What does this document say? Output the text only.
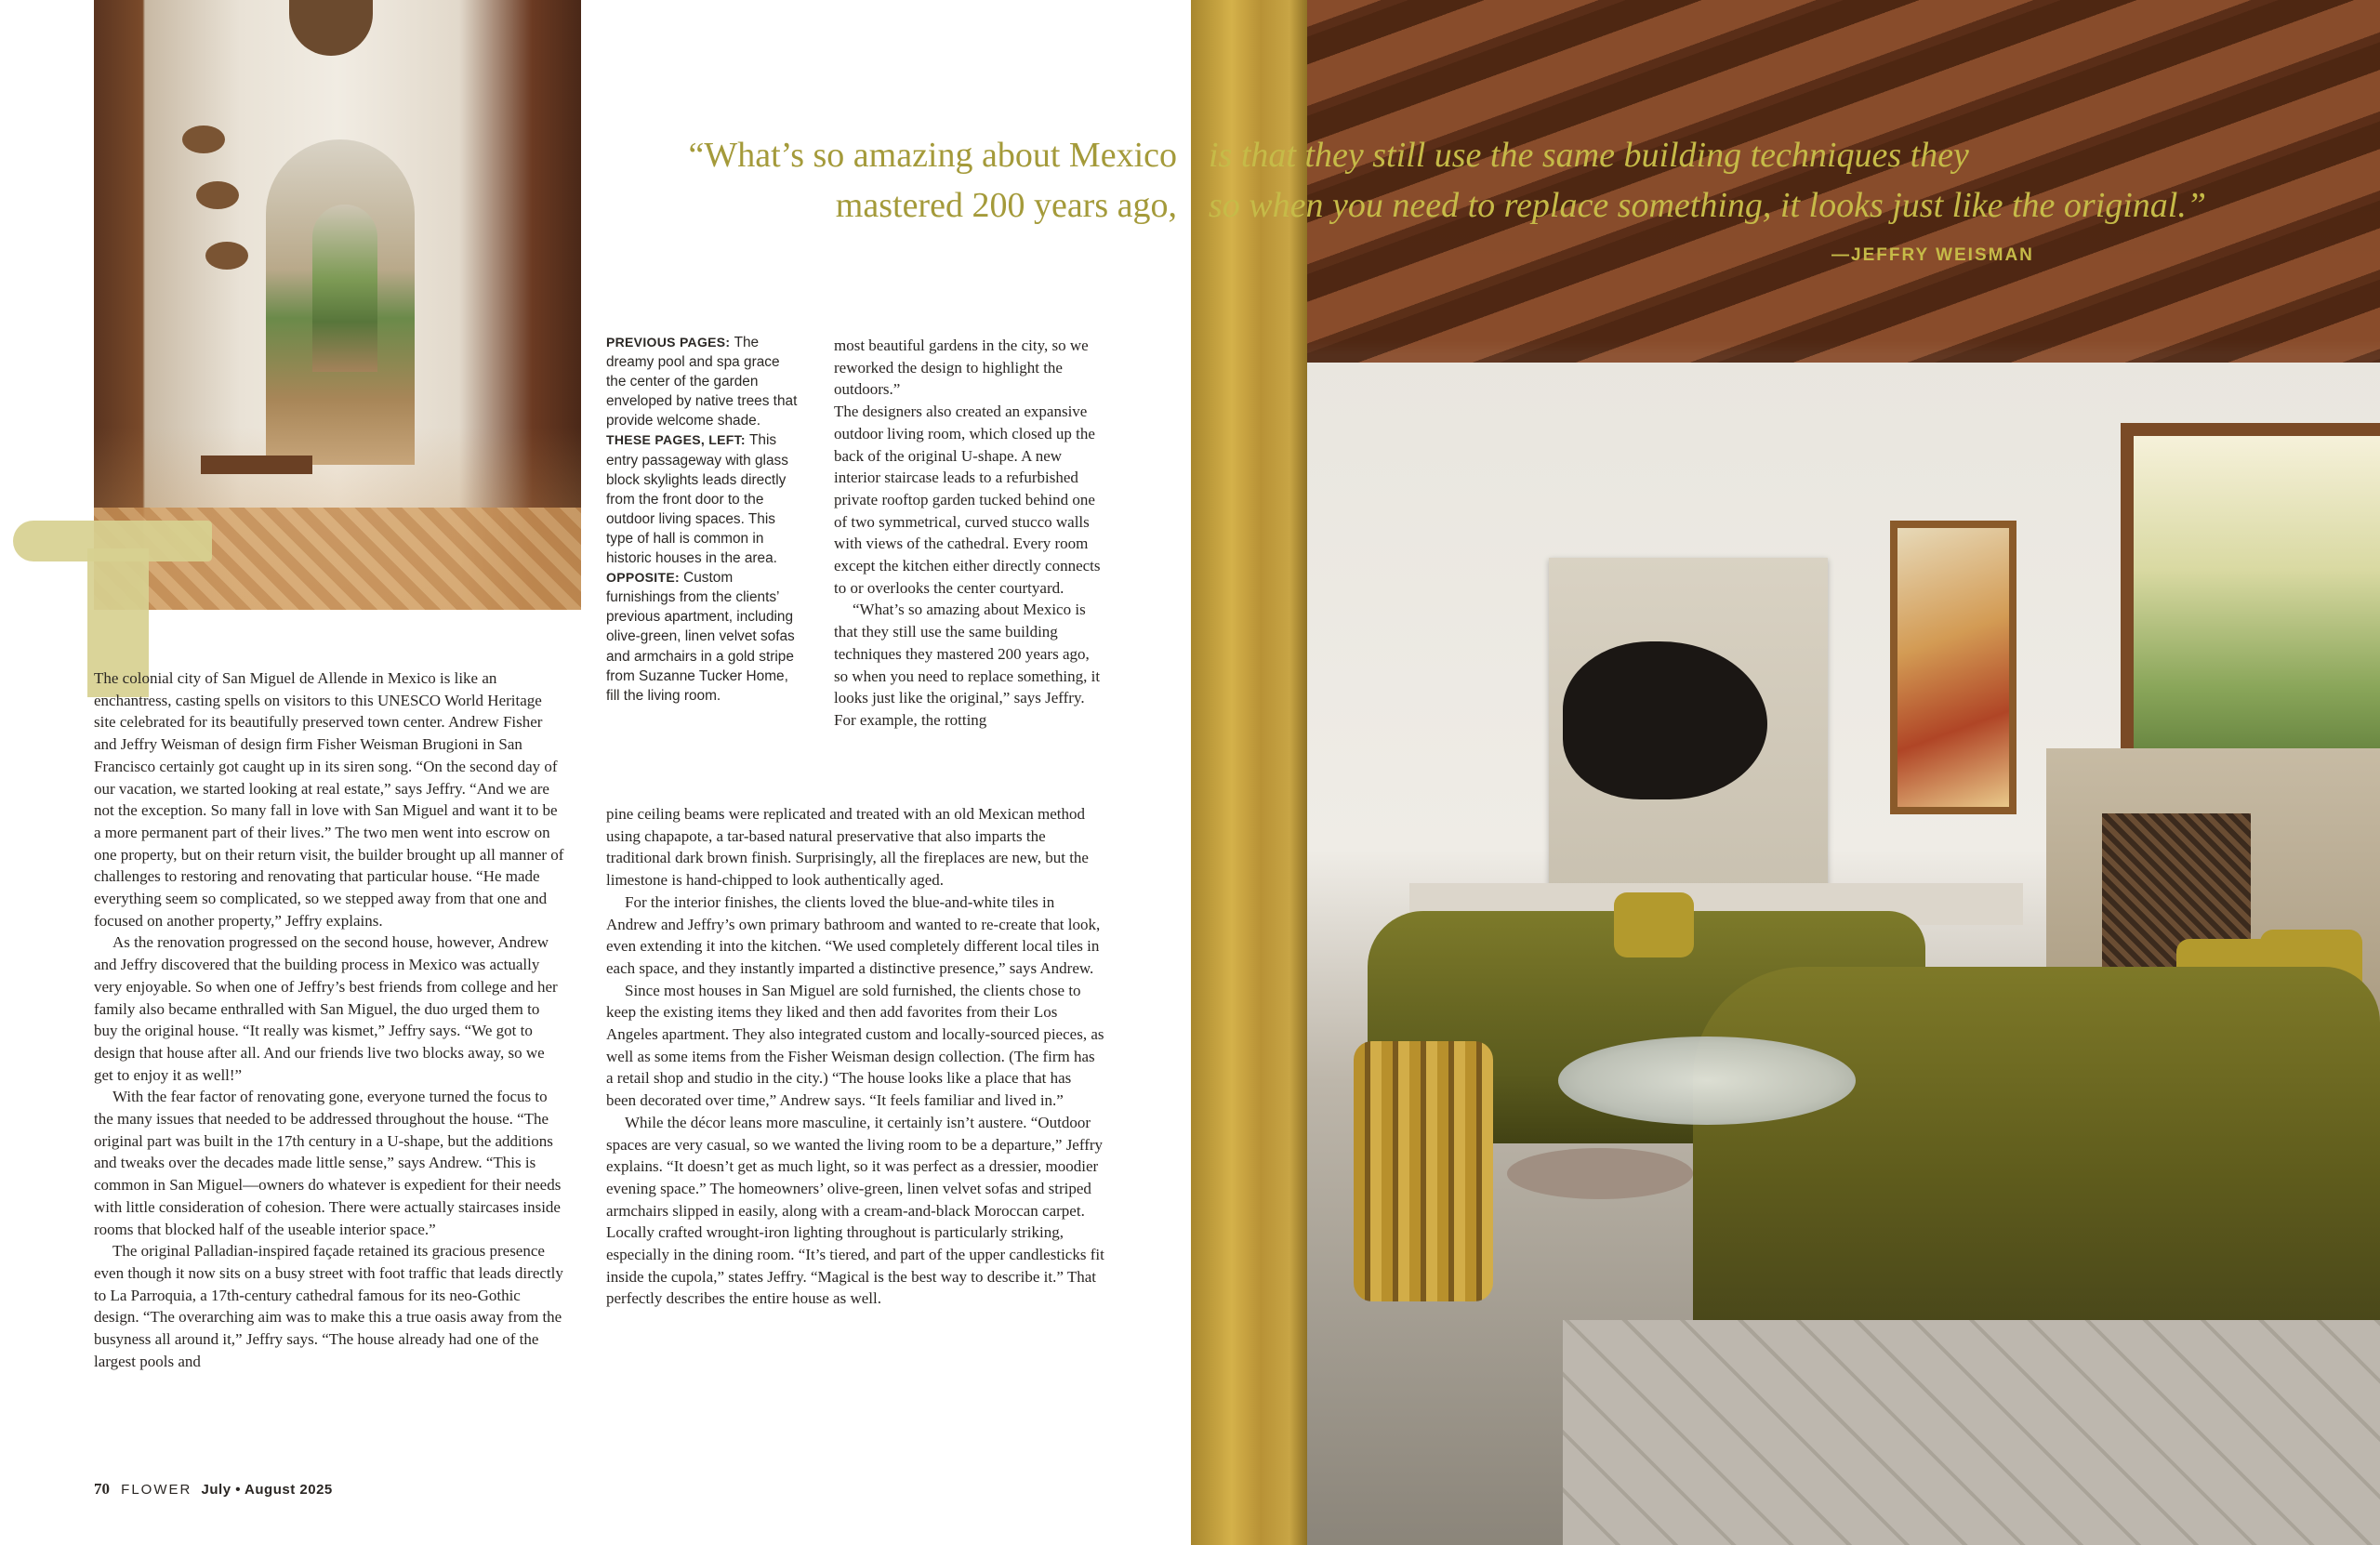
“What’s so amazing about Mexico is that they still use the same building techniques they
mastered 200 years ago, so when you need to replace something, it looks just like the original.”
—JEFFRY WEISMAN
PREVIOUS PAGES: The dreamy pool and spa grace the center of the garden enveloped by native trees that provide welcome shade. THESE PAGES, LEFT: This entry passageway with glass block skylights leads directly from the front door to the outdoor living spaces. This type of hall is common in historic houses in the area. OPPOSITE: Custom furnishings from the clients’ previous apartment, including olive-green, linen velvet sofas and armchairs in a gold stripe from Suzanne Tucker Home, fill the living room.

The colonial city of San Miguel de Allende in Mexico is like an enchantress, casting spells on visitors to this UNESCO World Heritage site celebrated for its beautifully preserved town center. Andrew Fisher and Jeffry Weisman of design firm Fisher Weisman Brugioni in San Francisco certainly got caught up in its siren song. “On the second day of our vacation, we started looking at real estate,” says Jeffry. “And we are not the exception. So many fall in love with San Miguel and want it to be a more permanent part of their lives.” The two men went into escrow on one property, but on their return visit, the builder brought up all manner of challenges to restoring and renovating that particular house. “He made everything seem so complicated, so we stepped away from that one and focused on another property,” Jeffry explains.

As the renovation progressed on the second house, however, Andrew and Jeffry discovered that the building process in Mexico was actually very enjoyable. So when one of Jeffry’s best friends from college and her family also became enthralled with San Miguel, the duo urged them to buy the original house. “It really was kismet,” Jeffry says. “We got to design that house after all. And our friends live two blocks away, so we get to enjoy it as well!”

With the fear factor of renovating gone, everyone turned the focus to the many issues that needed to be addressed throughout the house. “The original part was built in the 17th century in a U-shape, but the additions and tweaks over the decades made little sense,” says Andrew. “This is common in San Miguel—owners do whatever is expedient for their needs with little consideration of cohesion. There were actually staircases inside rooms that blocked half of the useable interior space.”

The original Palladian-inspired façade retained its gracious presence even though it now sits on a busy street with foot traffic that leads directly to La Parroquia, a 17th-century cathedral famous for its neo-Gothic design. “The overarching aim was to make this a true oasis away from the busyness all around it,” Jeffry says. “The house already had one of the largest pools and

most beautiful gardens in the city, so we reworked the design to highlight the outdoors.”

The designers also created an expansive outdoor living room, which closed up the back of the original U-shape. A new interior staircase leads to a refurbished private rooftop garden tucked behind one of two symmetrical, curved stucco walls with views of the cathedral. Every room except the kitchen either directly connects to or overlooks the center courtyard.

“What’s so amazing about Mexico is that they still use the same building techniques they mastered 200 years ago, so when you need to replace something, it looks just like the original,” says Jeffry. For example, the rotting

pine ceiling beams were replicated and treated with an old Mexican method using chapapote, a tar-based natural preservative that also imparts the traditional dark brown finish. Surprisingly, all the fireplaces are new, but the limestone is hand-chipped to look authentically aged.

For the interior finishes, the clients loved the blue-and-white tiles in Andrew and Jeffry’s own primary bathroom and wanted to re-create that look, even extending it into the kitchen. “We used completely different local tiles in each space, and they instantly imparted a distinctive presence,” says Andrew.

Since most houses in San Miguel are sold furnished, the clients chose to keep the existing items they liked and then add favorites from their Los Angeles apartment. They also integrated custom and locally-sourced pieces, as well as some items from the Fisher Weisman design collection. (The firm has a retail shop and studio in the city.) “The house looks like a place that has been decorated over time,” Andrew says. “It feels familiar and lived in.”

While the décor leans more masculine, it certainly isn’t austere. “Outdoor spaces are very casual, so we wanted the living room to be a departure,” Jeffry explains. “It doesn’t get as much light, so it was perfect as a dressier, moodier evening space.” The homeowners’ olive-green, linen velvet sofas and striped armchairs slipped in easily, along with a cream-and-black Moroccan carpet. Locally crafted wrought-iron lighting throughout is particularly striking, especially in the dining room. “It’s tiered, and part of the upper candlesticks fit inside the cupola,” states Jeffry. “Magical is the best way to describe it.” That perfectly describes the entire house as well.

70 FLOWER July • August 2025
